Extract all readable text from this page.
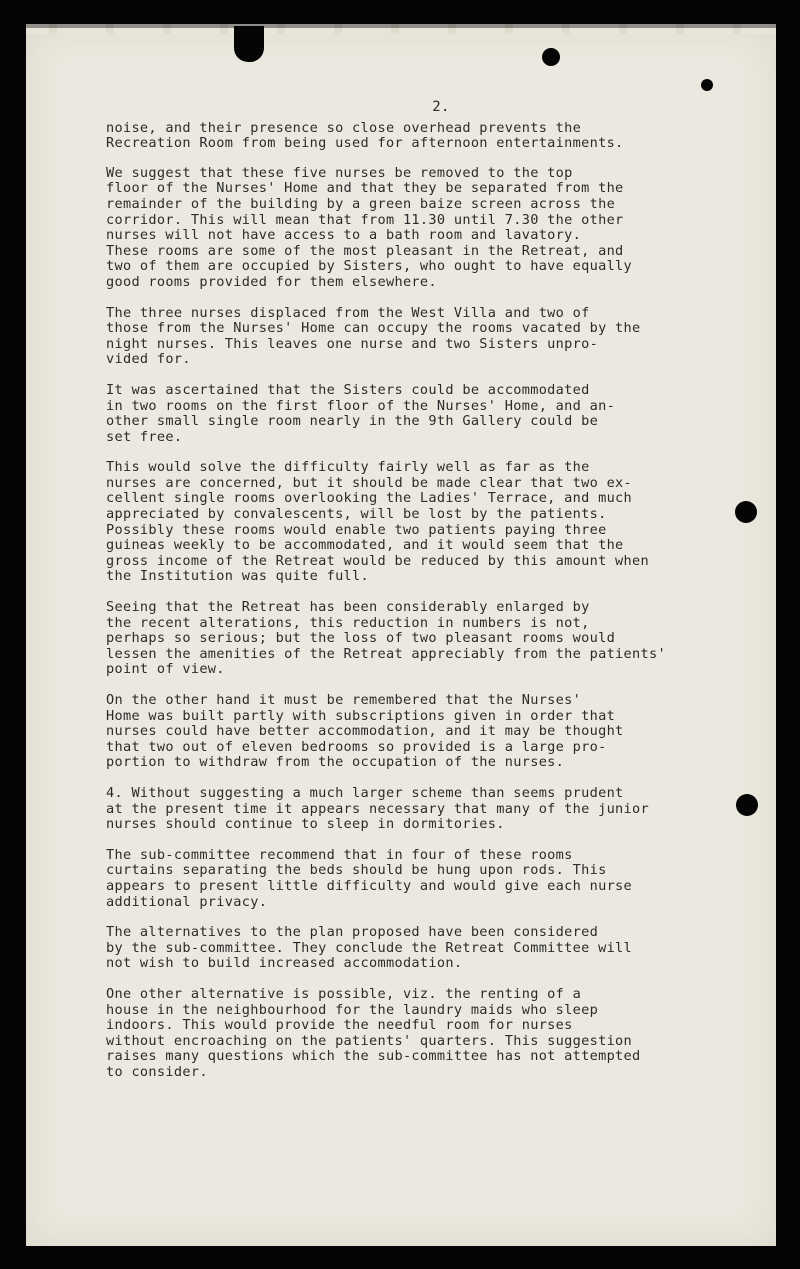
2.

noise, and their presence so close overhead prevents the
Recreation Room from being used for afternoon entertainments.

We suggest that these five nurses be removed to the top
floor of the Nurses' Home and that they be separated from the
remainder of the building by a green baize screen across the
corridor. This will mean that from 11.30 until 7.30 the other
nurses will not have access to a bath room and lavatory.
These rooms are some of the most pleasant in the Retreat, and
two of them are occupied by Sisters, who ought to have equally
good rooms provided for them elsewhere.

The three nurses displaced from the West Villa and two of
those from the Nurses' Home can occupy the rooms vacated by the
night nurses. This leaves one nurse and two Sisters unpro-
vided for.

It was ascertained that the Sisters could be accommodated
in two rooms on the first floor of the Nurses' Home, and an-
other small single room nearly in the 9th Gallery could be
set free.

This would solve the difficulty fairly well as far as the
nurses are concerned, but it should be made clear that two ex-
cellent single rooms overlooking the Ladies' Terrace, and much
appreciated by convalescents, will be lost by the patients.
Possibly these rooms would enable two patients paying three
guineas weekly to be accommodated, and it would seem that the
gross income of the Retreat would be reduced by this amount when
the Institution was quite full.

Seeing that the Retreat has been considerably enlarged by
the recent alterations, this reduction in numbers is not,
perhaps so serious; but the loss of two pleasant rooms would
lessen the amenities of the Retreat appreciably from the patients'
point of view.

On the other hand it must be remembered that the Nurses'
Home was built partly with subscriptions given in order that
nurses could have better accommodation, and it may be thought
that two out of eleven bedrooms so provided is a large pro-
portion to withdraw from the occupation of the nurses.

4. Without suggesting a much larger scheme than seems prudent
at the present time it appears necessary that many of the junior
nurses should continue to sleep in dormitories.

The sub-committee recommend that in four of these rooms
curtains separating the beds should be hung upon rods. This
appears to present little difficulty and would give each nurse
additional privacy.

The alternatives to the plan proposed have been considered
by the sub-committee. They conclude the Retreat Committee will
not wish to build increased accommodation.

One other alternative is possible, viz. the renting of a
house in the neighbourhood for the laundry maids who sleep
indoors. This would provide the needful room for nurses
without encroaching on the patients' quarters. This suggestion
raises many questions which the sub-committee has not attempted
to consider.
